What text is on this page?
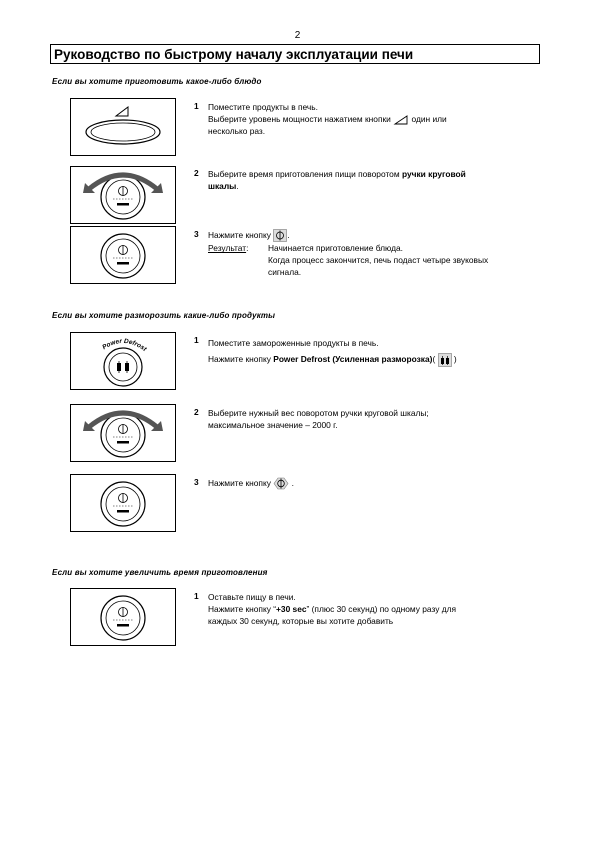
2
Руководство по быстрому началу эксплуатации печи
Если вы хотите приготовить какое-либо блюдо
1 Поместите продукты в печь.
Выберите уровень мощности нажатием кнопки один или
несколько раз.
2 Выберите время приготовления пищи поворотом ручки круговой
шкалы.
3 Нажмите кнопку .
Результат: Начинается приготовление блюда.
Когда процесс закончится, печь подаст четыре звуковых
сигнала.
Если вы хотите разморозить какие-либо продукты
Power Defrost
1 Поместите замороженные продукты в печь.
Нажмите кнопку Power Defrost (Усиленная разморозка)( )
2 Выберите нужный вес поворотом ручки круговой шкалы;
максимальное значение – 2000 г.
3 Нажмите кнопку .
Если вы хотите увеличить время приготовления
1 Оставьте пищу в печи.
Нажмите кнопку “+30 sec” (плюс 30 секунд) по одному разу для
каждых 30 секунд, которые вы хотите добавить
